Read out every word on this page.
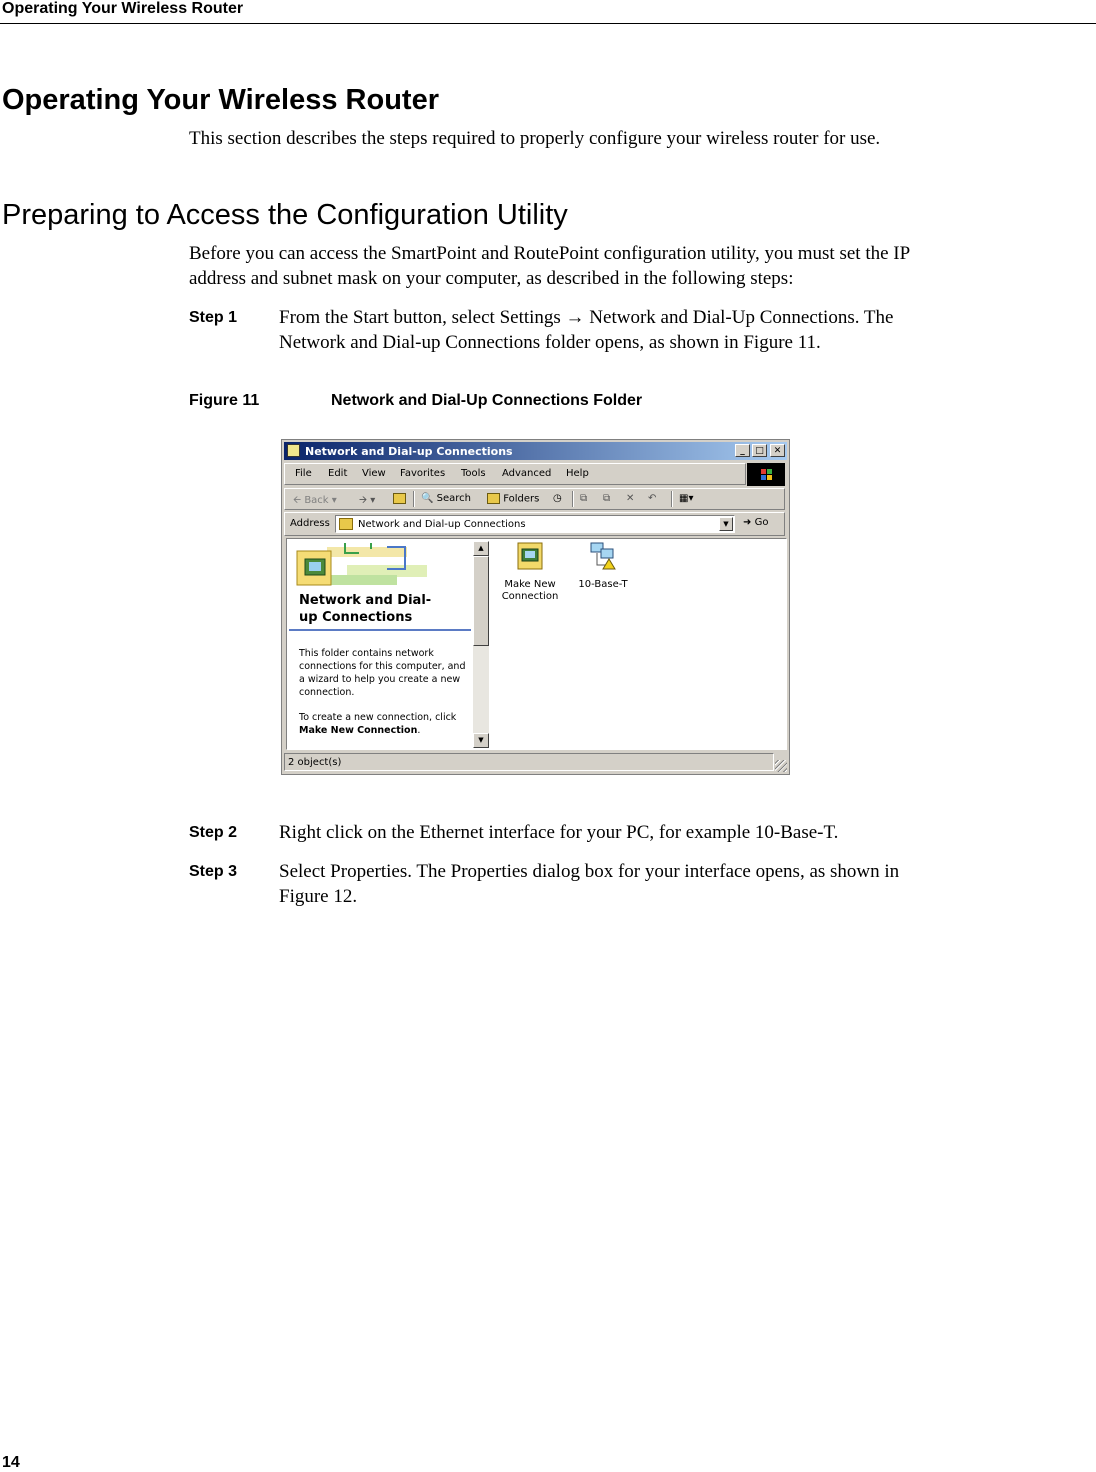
Operating Your Wireless Router
Operating Your Wireless Router

This section describes the steps required to properly configure your wireless router for use.

Preparing to Access the Configuration Utility

Before you can access the SmartPoint and RoutePoint configuration utility, you must set the IP

address and subnet mask on your computer, as described in the following steps:

Step 1 From the Start button, select Settings → Network and Dial-Up Connections. The

Network and Dial-up Connections folder opens, as shown in Figure 11.

Figure 11	Network and Dial-Up Connections Folder
Network and Dial-up Connections	_	□	✕
File Edit View Favorites Tools Advanced Help
🡨 Back ▾ 🡪 ▾	🔍 Search	Folders ◷ ⧉ ⧉ ✕ ↶ ▦▾
Address	Network and Dial-up Connections	▼	➜ Go
Network and Dial-
up Connections

This folder contains network
connections for this computer, and
a wizard to help you create a new
connection.

To create a new connection, click
Make New Connection.

▲
▼
Make New
Connection
10-Base-T
2 object(s)
Step 2 Right click on the Ethernet interface for your PC, for example 10-Base-T.

Step 3 Select Properties. The Properties dialog box for your interface opens, as shown in

Figure 12.

14
